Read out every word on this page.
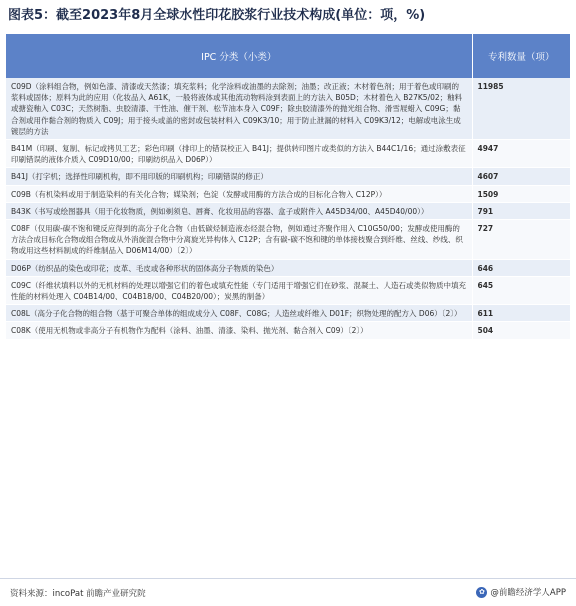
图表5：截至2023年8月全球水性印花胶浆行业技术构成(单位：项，%)
IPC 分类（小类）	专利数量（项）
C09D（涂料组合物，例如色漆、清漆或天然漆；填充浆料；化学涂料或油墨的去除剂；油墨；改正液；木材着色剂；用于着色或印刷的浆料或固体；原料为此的应用（化妆品入 A61K，一般将液体或其他流动物料涂到表面上的方法入 B05D；木材着色入 B27K5/02；釉料或搪瓷釉入 C03C；天然树脂、虫胶清漆、干性油、催干剂、松节油本身入 C09F；除虫胶清漆外的抛光组合物、滑雪屐蜡入 C09G；黏合剂或用作黏合剂的物质入 C09J；用于接头或盖的密封或包装材料入 C09K3/10；用于防止泄漏的材料入 C09K3/12；电解或电泳生成镀层的方法	11985
B41M（印刷、复制、标记或拷贝工艺；彩色印刷（排印上的错误校正入 B41J；提供转印图片或类似的方法入 B44C1/16；通过涂敷表征印刷错误的液体介质入 C09D10/00；印刷纺织品入 D06P））	4947
B41J（打字机；选择性印刷机构，即不用印版的印刷机构；印刷错误的修正）	4607
C09B（有机染料或用于制造染料的有关化合物；媒染剂；色淀（发酵或用酶的方法合成的目标化合物入 C12P））	1509
B43K（书写或绘图器具（用于化妆物质，例如剃须皂、唇膏、化妆用品的容器、盒子或附件入 A45D34/00、A45D40/00））	791
C08F（仅用碳-碳不饱和键反应得到的高分子化合物（由低碳烃制造液态烃混合物，例如通过齐聚作用入 C10G50/00；发酵或使用酶的方法合成目标化合物或组合物或从外消旋混合物中分离旋光异构体入 C12P；含有碳-碳不饱和键的单体接枝聚合到纤维、丝线、纱线、织物或用这些材料制成的纤维制品入 D06M14/00）〔2〕）	727
D06P（纺织品的染色或印花；皮革、毛皮或各种形状的固体高分子物质的染色）	646
C09C（纤维状填料以外的无机材料的处理以增强它们的着色或填充性能（专门适用于增强它们在砂浆、混凝土、人造石或类似物质中填充性能的材料处理入 C04B14/00、C04B18/00、C04B20/00）；炭黑的制备）	645
C08L（高分子化合物的组合物（基于可聚合单体的组成成分入 C08F、C08G；人造丝或纤维入 D01F；织物处理的配方入 D06）〔2〕）	611
C08K（使用无机物或非高分子有机物作为配料（涂料、油墨、清漆、染料、抛光剂、黏合剂入 C09）〔2〕）	504
资料来源：incoPat 前瞻产业研究院	✿ @前瞻经济学人APP
